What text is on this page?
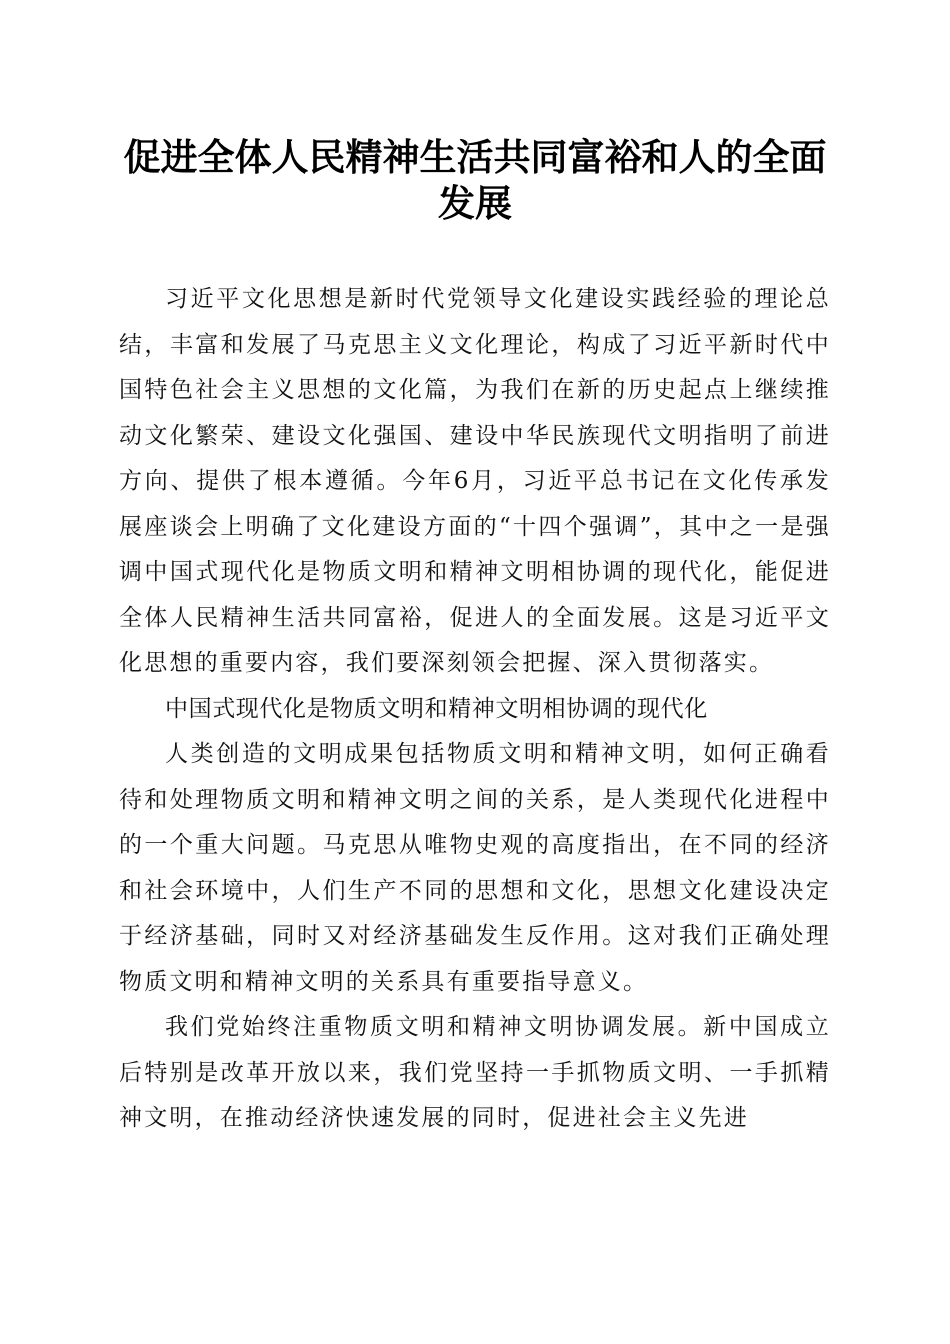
促进全体人民精神生活共同富裕和人的全面发展

习近平文化思想是新时代党领导文化建设实践经验的理论总结，丰富和发展了马克思主义文化理论，构成了习近平新时代中国特色社会主义思想的文化篇，为我们在新的历史起点上继续推动文化繁荣、建设文化强国、建设中华民族现代文明指明了前进方向、提供了根本遵循。今年6月，习近平总书记在文化传承发展座谈会上明确了文化建设方面的“十四个强调”，其中之一是强调中国式现代化是物质文明和精神文明相协调的现代化，能促进全体人民精神生活共同富裕，促进人的全面发展。这是习近平文化思想的重要内容，我们要深刻领会把握、深入贯彻落实。

中国式现代化是物质文明和精神文明相协调的现代化

人类创造的文明成果包括物质文明和精神文明，如何正确看待和处理物质文明和精神文明之间的关系，是人类现代化进程中的一个重大问题。马克思从唯物史观的高度指出，在不同的经济和社会环境中，人们生产不同的思想和文化，思想文化建设决定于经济基础，同时又对经济基础发生反作用。这对我们正确处理物质文明和精神文明的关系具有重要指导意义。

我们党始终注重物质文明和精神文明协调发展。新中国成立后特别是改革开放以来，我们党坚持一手抓物质文明、一手抓精神文明，在推动经济快速发展的同时，促进社会主义先进
